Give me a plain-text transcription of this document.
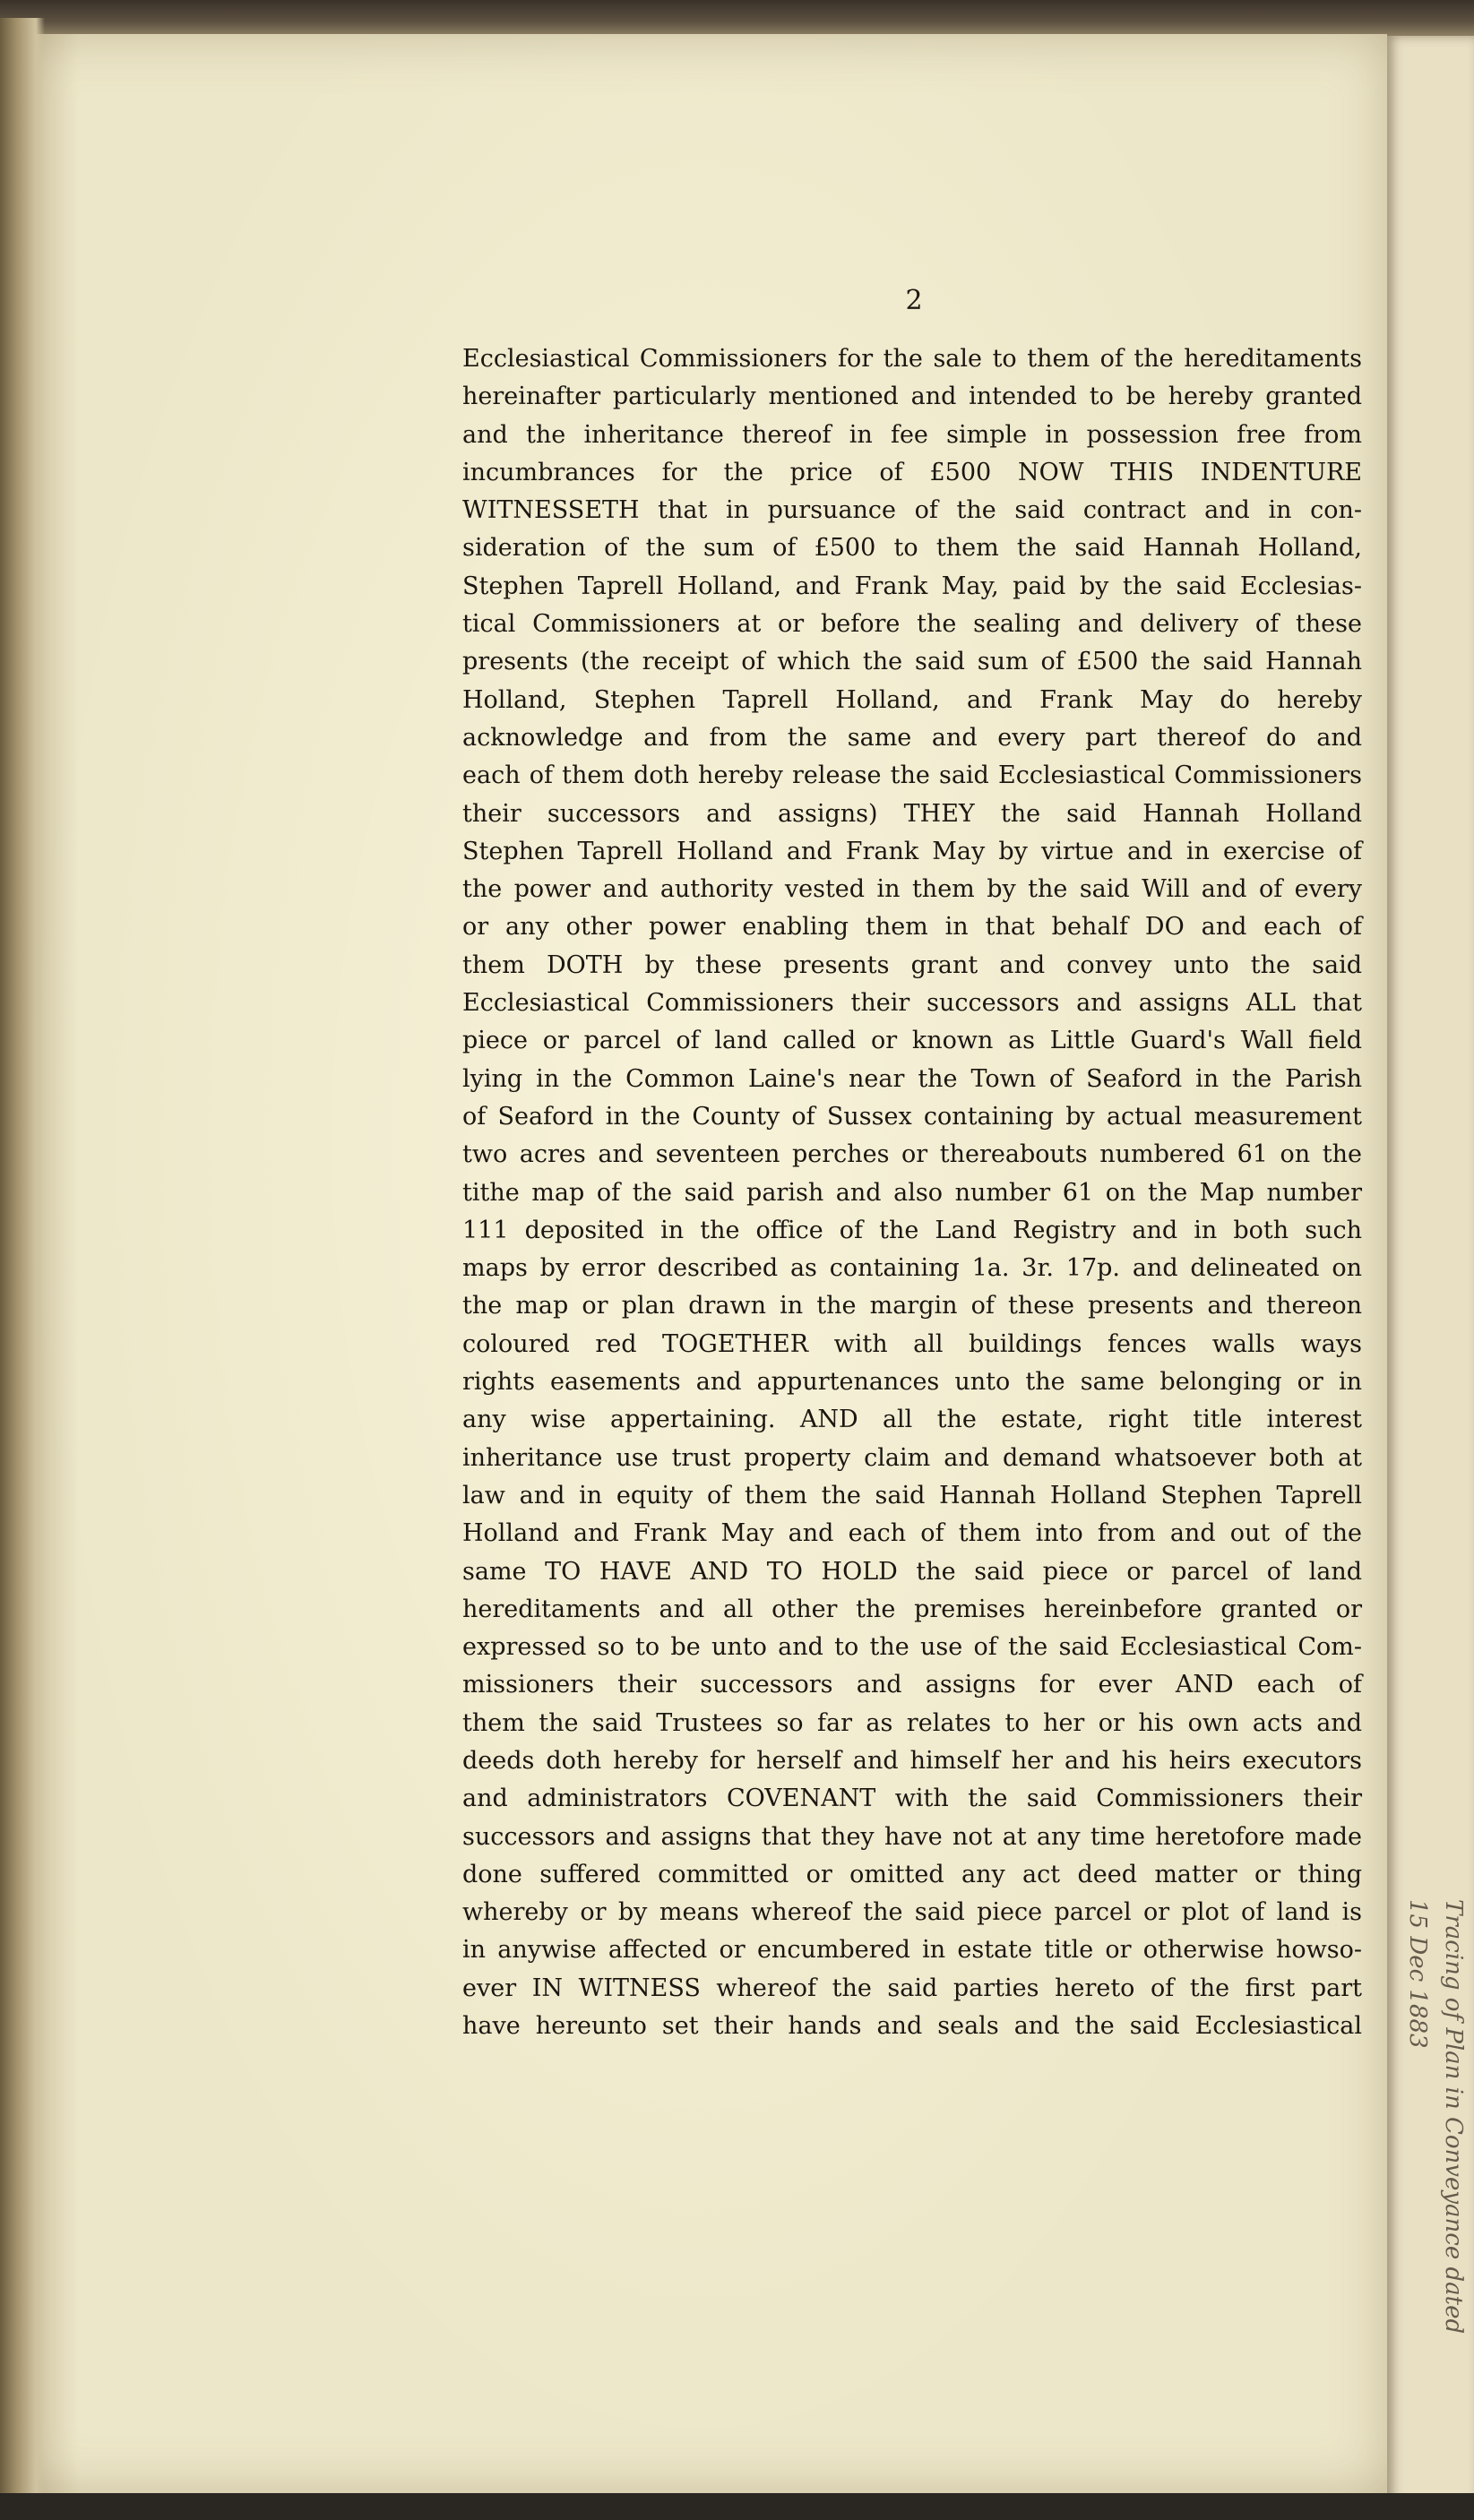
Tracing of Plan in Conveyance dated 15 Dec 1883
2
Ecclesiastical Commissioners for the sale to them of the hereditaments
hereinafter particularly mentioned and intended to be hereby granted
and the inheritance thereof in fee simple in possession free from
incumbrances for the price of £500 NOW THIS INDENTURE
WITNESSETH that in pursuance of the said contract and in con-
sideration of the sum of £500 to them the said Hannah Holland,
Stephen Taprell Holland, and Frank May, paid by the said Ecclesias-
tical Commissioners at or before the sealing and delivery of these
presents (the receipt of which the said sum of £500 the said Hannah
Holland, Stephen Taprell Holland, and Frank May do hereby
acknowledge and from the same and every part thereof do and
each of them doth hereby release the said Ecclesiastical Commissioners
their successors and assigns) THEY the said Hannah Holland
Stephen Taprell Holland and Frank May by virtue and in exercise of
the power and authority vested in them by the said Will and of every
or any other power enabling them in that behalf DO and each of
them DOTH by these presents grant and convey unto the said
Ecclesiastical Commissioners their successors and assigns ALL that
piece or parcel of land called or known as Little Guard's Wall field
lying in the Common Laine's near the Town of Seaford in the Parish
of Seaford in the County of Sussex containing by actual measurement
two acres and seventeen perches or thereabouts numbered 61 on the
tithe map of the said parish and also number 61 on the Map number
111 deposited in the office of the Land Registry and in both such
maps by error described as containing 1a. 3r. 17p. and delineated on
the map or plan drawn in the margin of these presents and thereon
coloured red TOGETHER with all buildings fences walls ways
rights easements and appurtenances unto the same belonging or in
any wise appertaining. AND all the estate, right title interest
inheritance use trust property claim and demand whatsoever both at
law and in equity of them the said Hannah Holland Stephen Taprell
Holland and Frank May and each of them into from and out of the
same TO HAVE AND TO HOLD the said piece or parcel of land
hereditaments and all other the premises hereinbefore granted or
expressed so to be unto and to the use of the said Ecclesiastical Com-
missioners their successors and assigns for ever AND each of
them the said Trustees so far as relates to her or his own acts and
deeds doth hereby for herself and himself her and his heirs executors
and administrators COVENANT with the said Commissioners their
successors and assigns that they have not at any time heretofore made
done suffered committed or omitted any act deed matter or thing
whereby or by means whereof the said piece parcel or plot of land is
in anywise affected or encumbered in estate title or otherwise howso-
ever IN WITNESS whereof the said parties hereto of the first part
have hereunto set their hands and seals and the said Ecclesiastical
